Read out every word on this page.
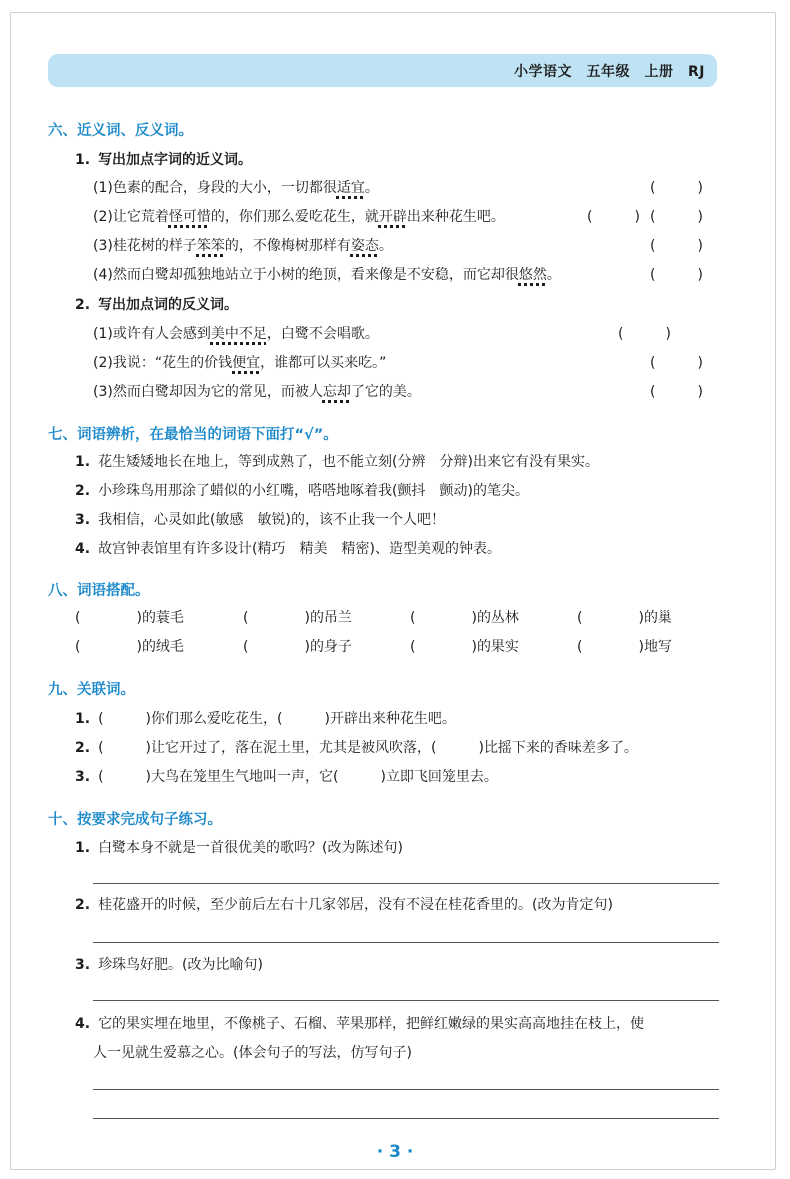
小学语文　五年级　上册　RJ
六、近义词、反义词。
1. 写出加点字词的近义词。
(1)色素的配合，身段的大小，一切都很适宜。	(　　　)
(2)让它荒着怪可惜的，你们那么爱吃花生，就开辟出来种花生吧。	(　　　) (　　　)
(3)桂花树的样子笨笨的，不像梅树那样有姿态。	(　　　)
(4)然而白鹭却孤独地站立于小树的绝顶，看来像是不安稳，而它却很悠然。	(　　　)
2. 写出加点词的反义词。
(1)或许有人会感到美中不足，白鹭不会唱歌。	(　　　)
(2)我说：“花生的价钱便宜，谁都可以买来吃。”	(　　　)
(3)然而白鹭却因为它的常见，而被人忘却了它的美。	(　　　)
七、词语辨析，在最恰当的词语下面打“√”。
1. 花生矮矮地长在地上，等到成熟了，也不能立刻(分辨　分辩)出来它有没有果实。
2. 小珍珠鸟用那涂了蜡似的小红嘴，嗒嗒地啄着我(颤抖　颤动)的笔尖。
3. 我相信，心灵如此(敏感　敏锐)的，该不止我一个人吧！
4. 故宫钟表馆里有许多设计(精巧　精美　精密)、造型美观的钟表。
八、词语搭配。
(　　　　)的蓑毛	(　　　　)的吊兰	(　　　　)的丛林	(　　　　)的巢
(　　　　)的绒毛	(　　　　)的身子	(　　　　)的果实	(　　　　)地写
九、关联词。
1. (　　　)你们那么爱吃花生，(　　　)开辟出来种花生吧。
2. (　　　)让它开过了，落在泥土里，尤其是被风吹落，(　　　)比摇下来的香味差多了。
3. (　　　)大鸟在笼里生气地叫一声，它(　　　)立即飞回笼里去。
十、按要求完成句子练习。
1. 白鹭本身不就是一首很优美的歌吗？(改为陈述句)
2. 桂花盛开的时候，至少前后左右十几家邻居，没有不浸在桂花香里的。(改为肯定句)
3. 珍珠鸟好肥。(改为比喻句)
4. 它的果实埋在地里，不像桃子、石榴、苹果那样，把鲜红嫩绿的果实高高地挂在枝上，使
人一见就生爱慕之心。(体会句子的写法，仿写句子)
· 3 ·
